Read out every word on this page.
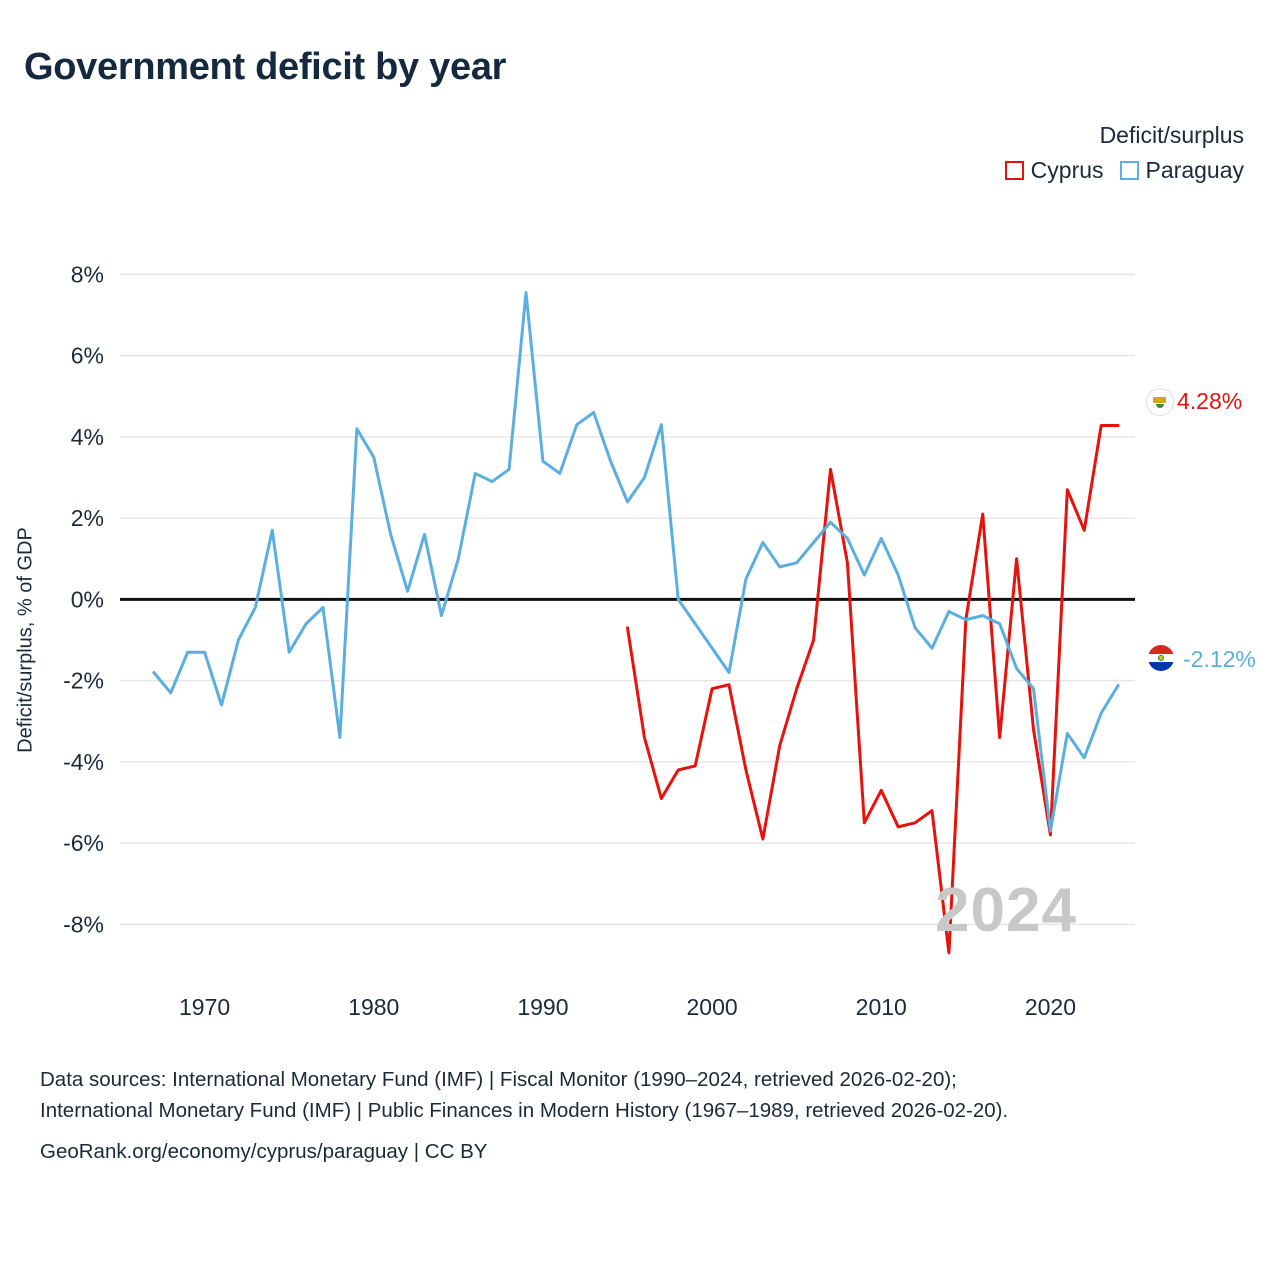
Government deficit by year
Deficit/surplus
Cyprus Paraguay
Deficit/surplus, % of GDP
8%
6%
4%
2%
0%
-2%
-4%
-6%
-8%
1970	1980	1990	2000	2010	2020
2024
4.28%
-2.12%
Data sources: International Monetary Fund (IMF) | Fiscal Monitor (1990–2024, retrieved 2026-02-20);
International Monetary Fund (IMF) | Public Finances in Modern History (1967–1989, retrieved 2026-02-20).
GeoRank.org/economy/cyprus/paraguay | CC BY
